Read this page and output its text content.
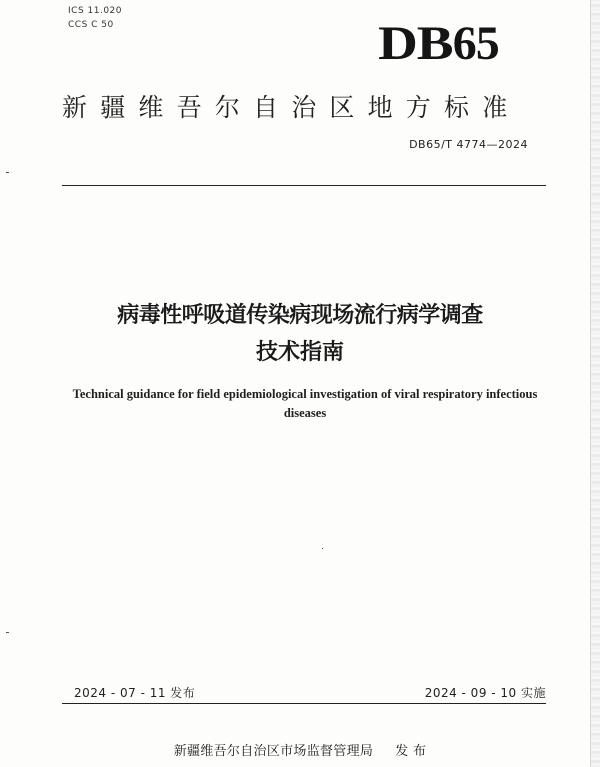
ICS 11.020
CCS C 50	DB65
新疆维吾尔自治区地方标准
DB65/T 4774—2024
病毒性呼吸道传染病现场流行病学调查
技术指南
Technical guidance for field epidemiological investigation of viral respiratory infectious diseases
2024 - 07 - 11 发布	2024 - 09 - 10 实施
新疆维吾尔自治区市场监督管理局 发 布
